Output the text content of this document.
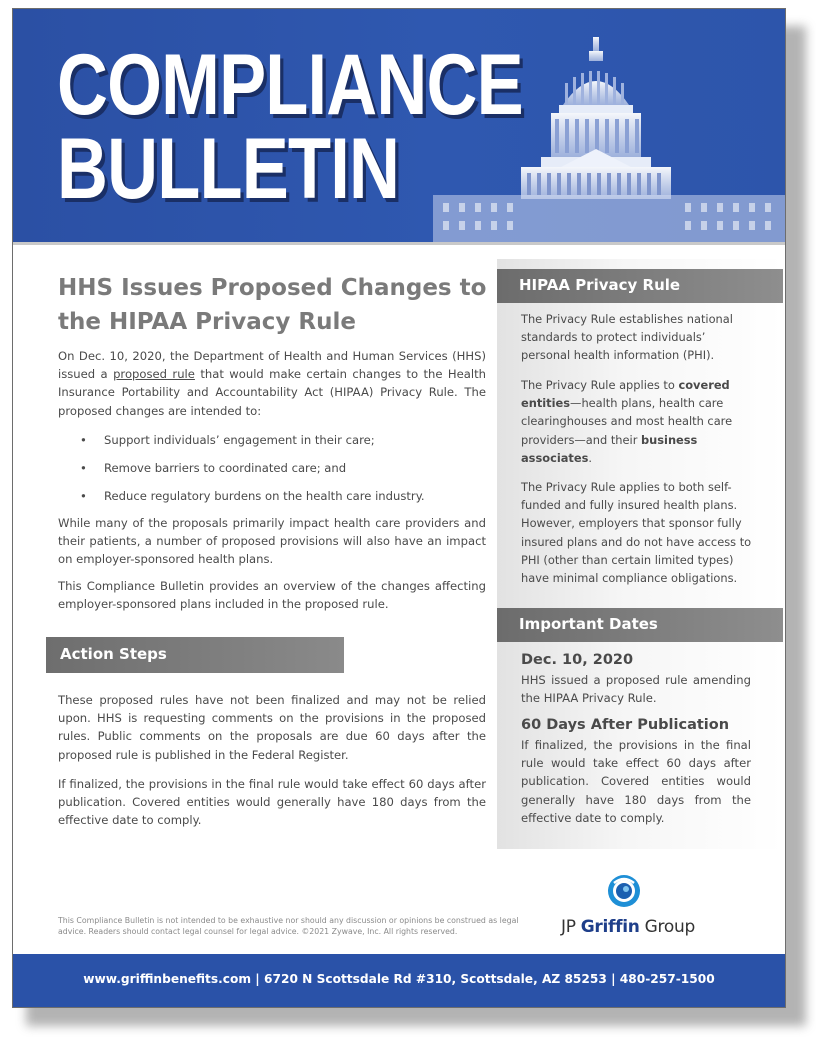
COMPLIANCE
BULLETIN
HHS Issues Proposed Changes to the HIPAA Privacy Rule

On Dec. 10, 2020, the Department of Health and Human Services (HHS) issued a proposed rule that would make certain changes to the Health Insurance Portability and Accountability Act (HIPAA) Privacy Rule. The proposed changes are intended to:

• Support individuals’ engagement in their care;
• Remove barriers to coordinated care; and
• Reduce regulatory burdens on the health care industry.

While many of the proposals primarily impact health care providers and their patients, a number of proposed provisions will also have an impact on employer-sponsored health plans.

This Compliance Bulletin provides an overview of the changes affecting employer-sponsored plans included in the proposed rule.

Action Steps

These proposed rules have not been finalized and may not be relied upon. HHS is requesting comments on the provisions in the proposed rules. Public comments on the proposals are due 60 days after the proposed rule is published in the Federal Register.

If finalized, the provisions in the final rule would take effect 60 days after publication. Covered entities would generally have 180 days from the effective date to comply.

HIPAA Privacy Rule

The Privacy Rule establishes national standards to protect individuals’ personal health information (PHI).

The Privacy Rule applies to covered entities—health plans, health care clearinghouses and most health care providers—and their business associates.

The Privacy Rule applies to both self-funded and fully insured health plans. However, employers that sponsor fully insured plans and do not have access to PHI (other than certain limited types) have minimal compliance obligations.

Important Dates
Dec. 10, 2020

HHS issued a proposed rule amending the HIPAA Privacy Rule.

60 Days After Publication

If finalized, the provisions in the final rule would take effect 60 days after publication. Covered entities would generally have 180 days from the effective date to comply.

This Compliance Bulletin is not intended to be exhaustive nor should any discussion or opinions be construed as legal advice. Readers should contact legal counsel for legal advice. ©2021 Zywave, Inc. All rights reserved.	JP Griffin Group
www.griffinbenefits.com | 6720 N Scottsdale Rd #310, Scottsdale, AZ 85253 | 480-257-1500
